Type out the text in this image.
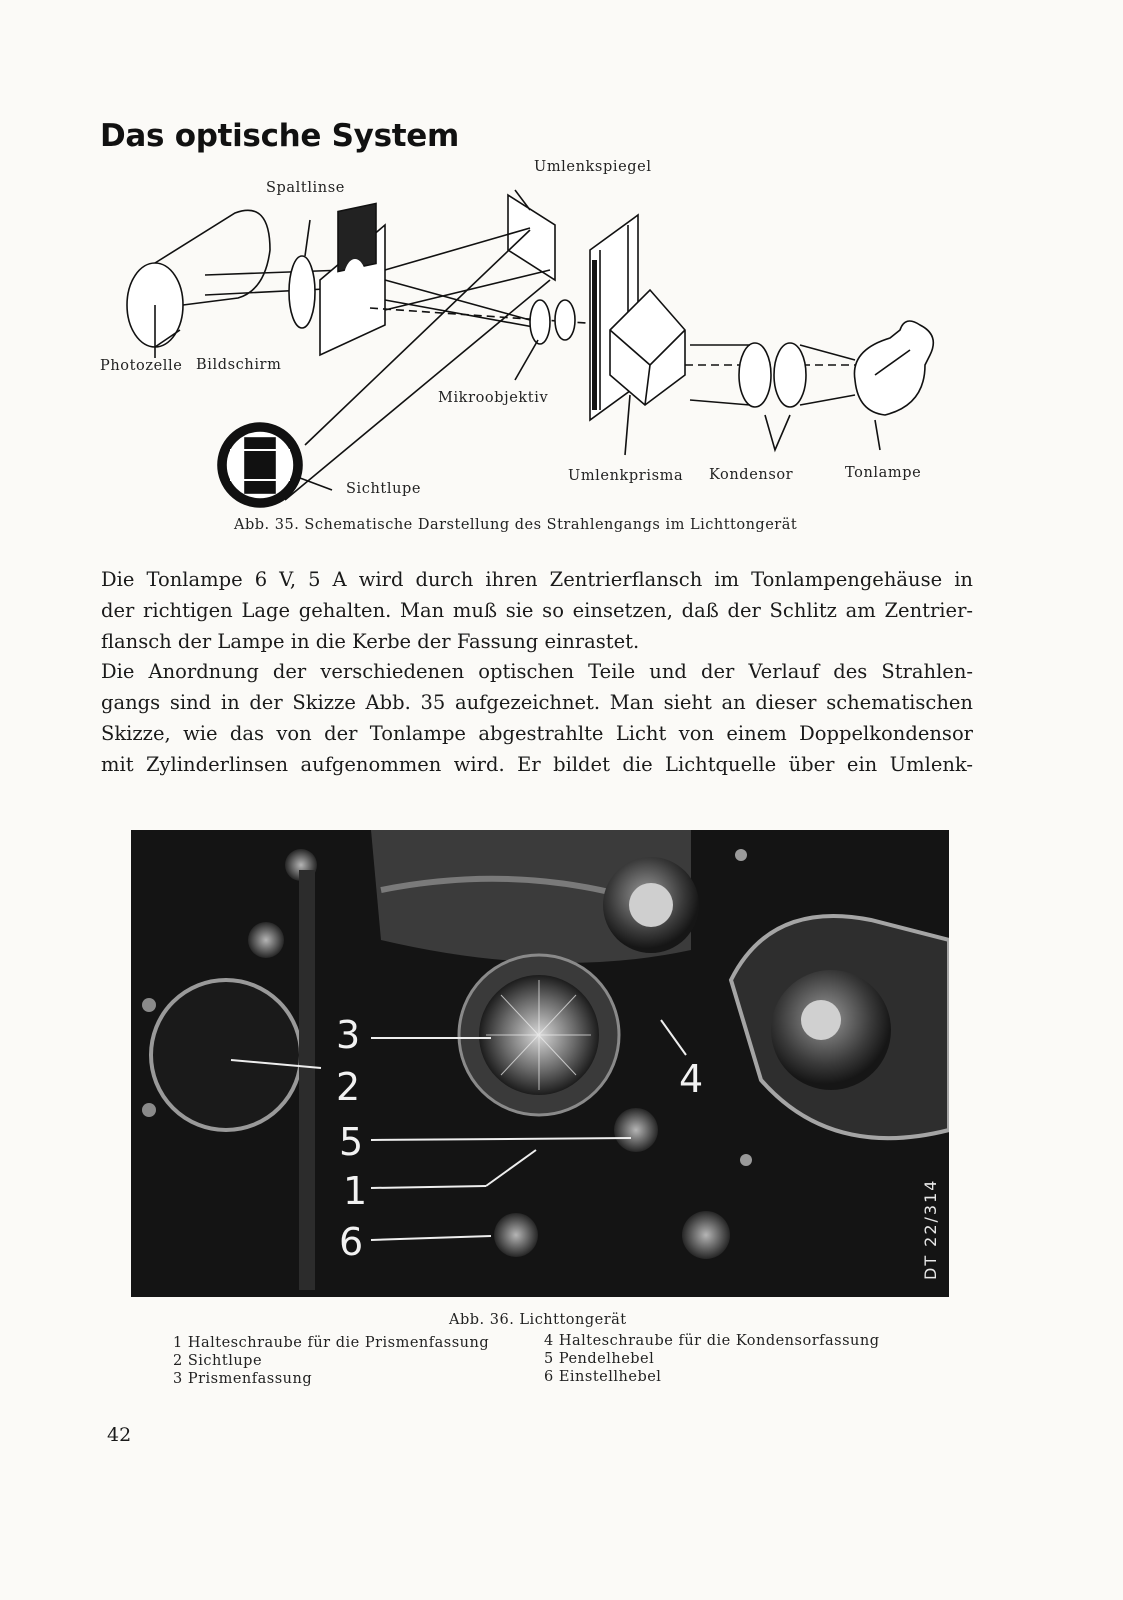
Das optische System
Umlenkspiegel
Spaltlinse
Photozelle Bildschirm
Mikroobjektiv
Sichtlupe
Umlenkprisma Kondensor	Tonlampe
Abb. 35. Schematische Darstellung des Strahlengangs im Lichttongerät
Die Tonlampe 6 V, 5 A wird durch ihren Zentrierflansch im Tonlampengehäuse in
der richtigen Lage gehalten. Man muß sie so einsetzen, daß der Schlitz am Zentrier-
flansch der Lampe in die Kerbe der Fassung einrastet.
Die Anordnung der verschiedenen optischen Teile und der Verlauf des Strahlen-
gangs sind in der Skizze Abb. 35 aufgezeichnet. Man sieht an dieser schematischen
Skizze, wie das von der Tonlampe abgestrahlte Licht von einem Doppelkondensor
mit Zylinderlinsen aufgenommen wird. Er bildet die Lichtquelle über ein Umlenk-
3
2	4
5
1
6	DT 22/314
Abb. 36. Lichttongerät
1 Halteschraube für die Prismenfassung
2 Sichtlupe
3 Prismenfassung
4 Halteschraube für die Kondensorfassung
5 Pendelhebel
6 Einstellhebel
42
